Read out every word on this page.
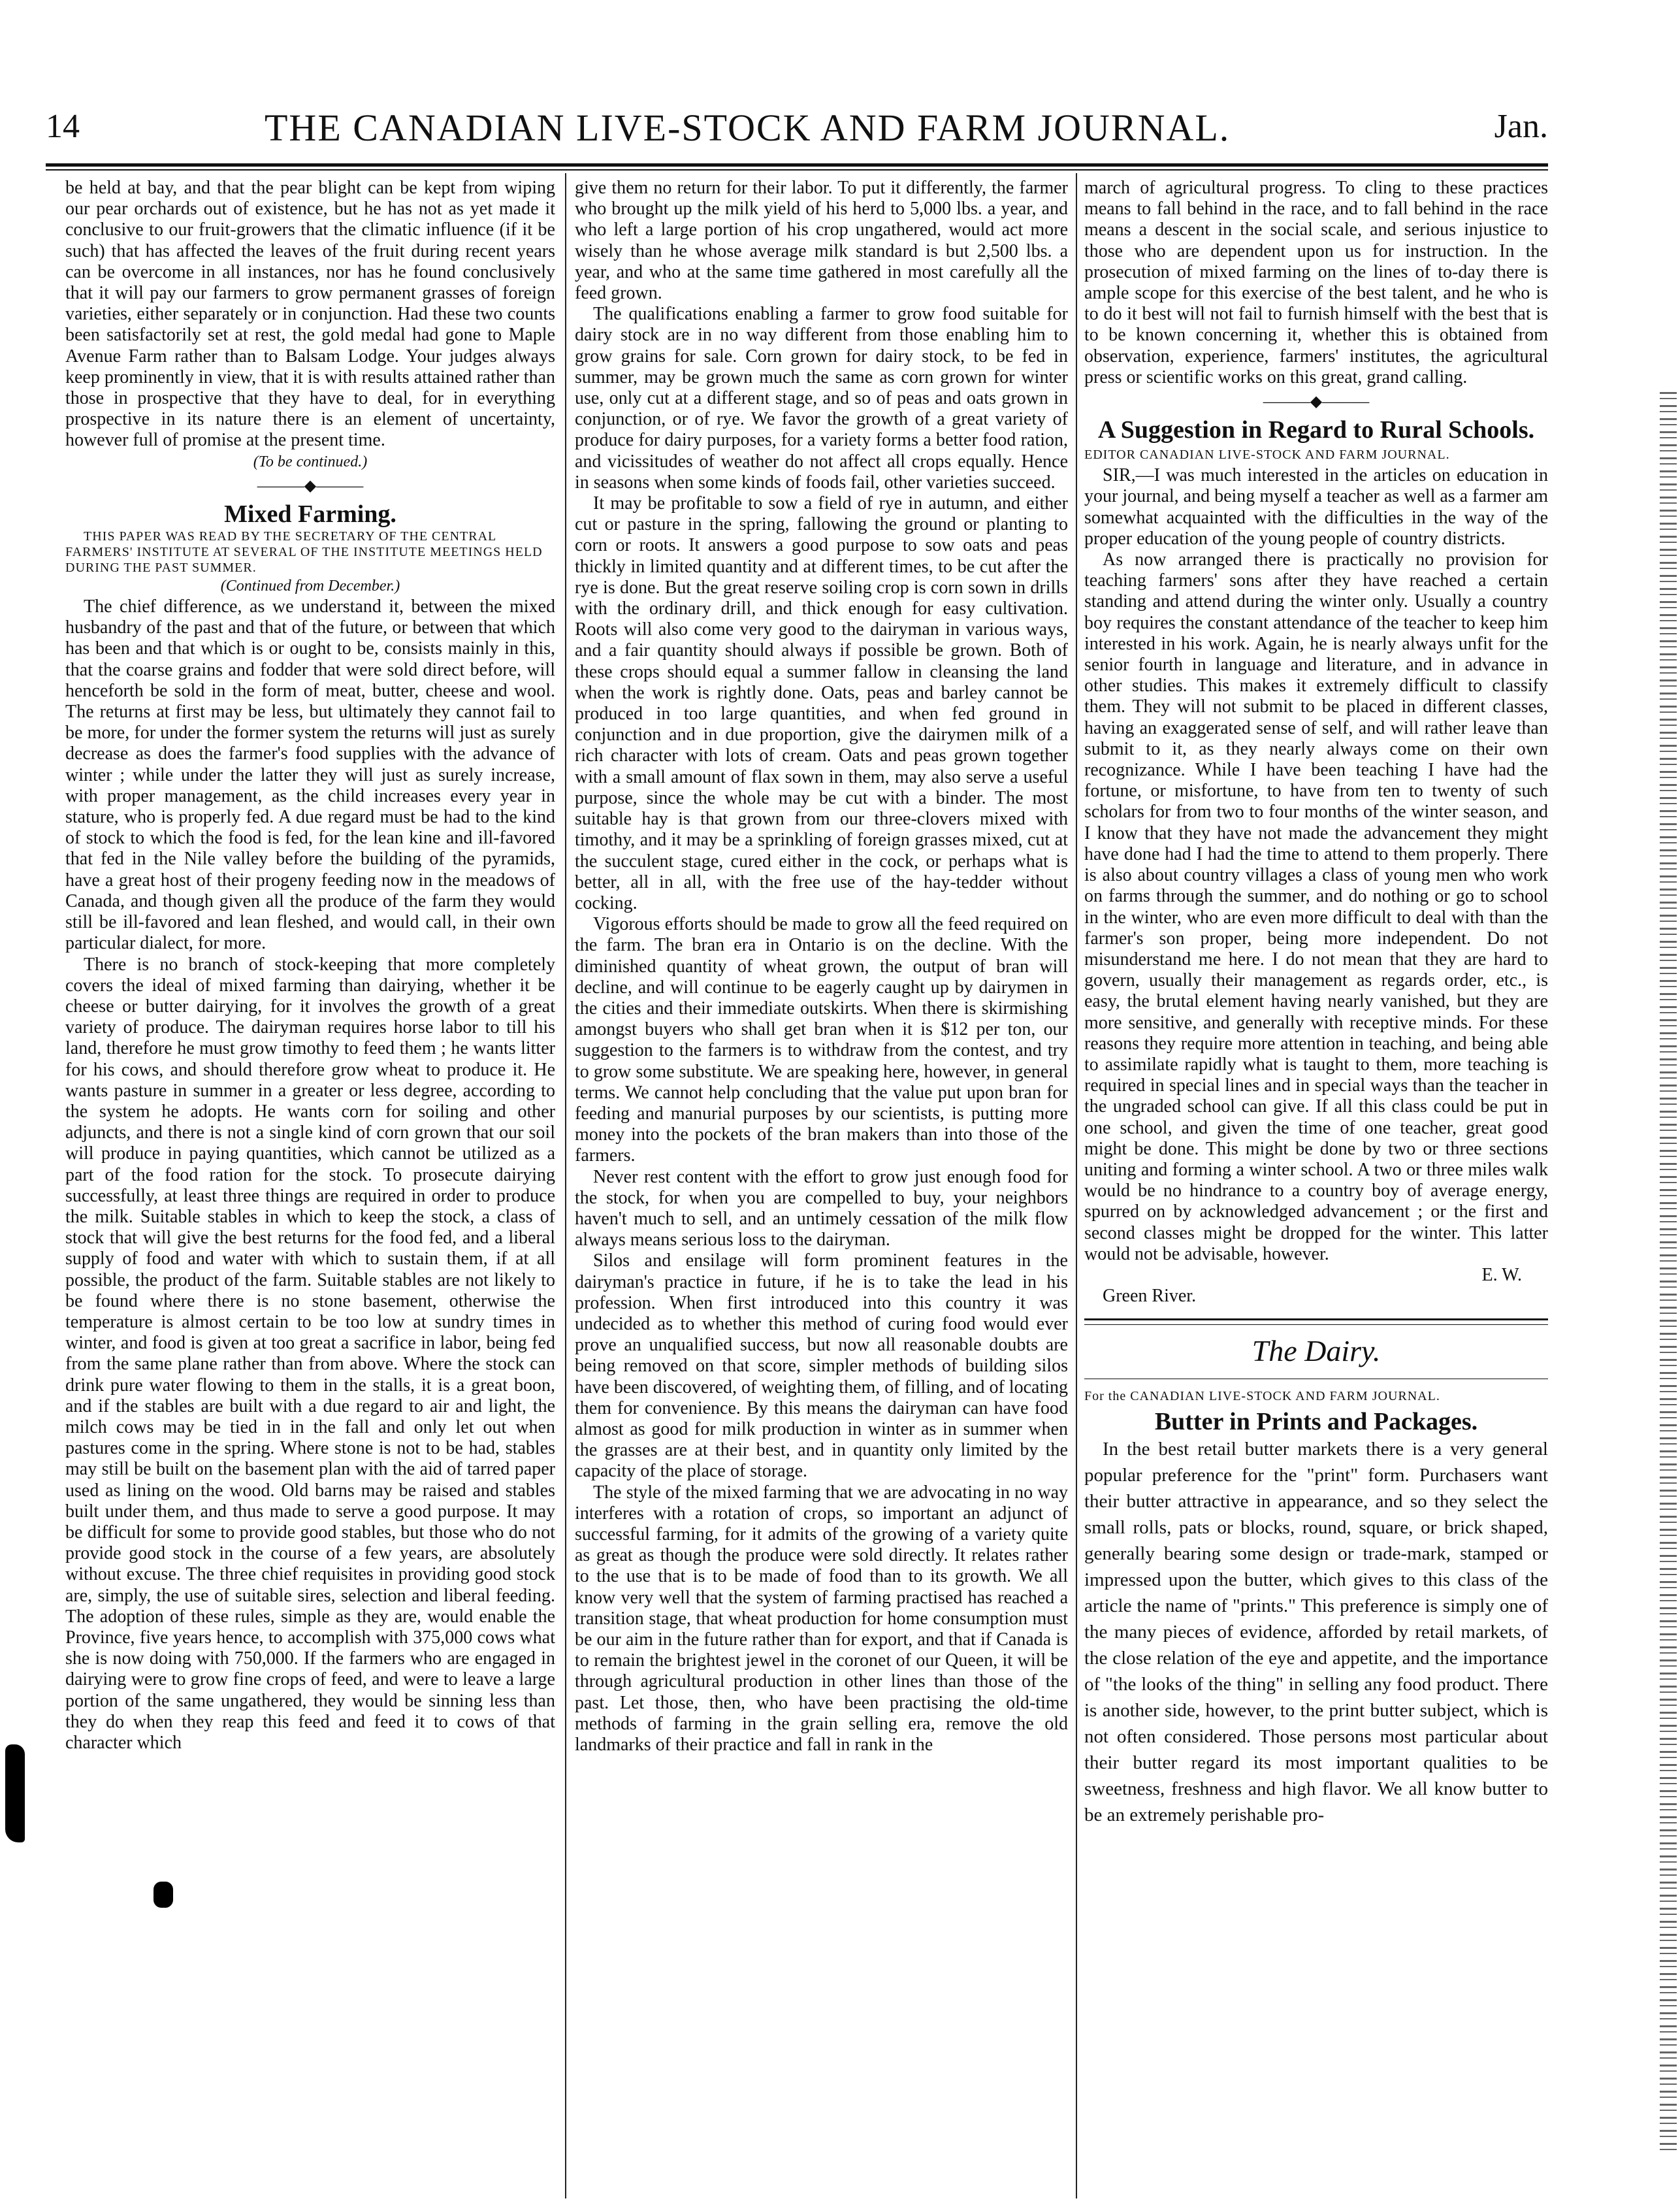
14	THE CANADIAN LIVE-STOCK AND FARM JOURNAL.	Jan.

be held at bay, and that the pear blight can be kept from wiping our pear orchards out of existence, but he has not as yet made it conclusive to our fruit-growers that the climatic influence (if it be such) that has affected the leaves of the fruit during recent years can be overcome in all instances, nor has he found conclusively that it will pay our farmers to grow permanent grasses of foreign varieties, either separately or in conjunction. Had these two counts been satisfactorily set at rest, the gold medal had gone to Maple Avenue Farm rather than to Balsam Lodge. Your judges always keep prominently in view, that it is with results attained rather than those in prospective that they have to deal, for in everything prospective in its nature there is an element of uncertainty, however full of promise at the present time.

(To be continued.)

———◆———

Mixed Farming.

THIS PAPER WAS READ BY THE SECRETARY OF THE CENTRAL FARMERS' INSTITUTE AT SEVERAL OF THE INSTITUTE MEETINGS HELD DURING THE PAST SUMMER.

(Continued from December.)

The chief difference, as we understand it, between the mixed husbandry of the past and that of the future, or between that which has been and that which is or ought to be, consists mainly in this, that the coarse grains and fodder that were sold direct before, will henceforth be sold in the form of meat, butter, cheese and wool. The returns at first may be less, but ultimately they cannot fail to be more, for under the former system the returns will just as surely decrease as does the farmer's food supplies with the advance of winter ; while under the latter they will just as surely increase, with proper management, as the child increases every year in stature, who is properly fed. A due regard must be had to the kind of stock to which the food is fed, for the lean kine and ill-favored that fed in the Nile valley before the building of the pyramids, have a great host of their progeny feeding now in the meadows of Canada, and though given all the produce of the farm they would still be ill-favored and lean fleshed, and would call, in their own particular dialect, for more.

There is no branch of stock-keeping that more completely covers the ideal of mixed farming than dairying, whether it be cheese or butter dairying, for it involves the growth of a great variety of produce. The dairyman requires horse labor to till his land, therefore he must grow timothy to feed them ; he wants litter for his cows, and should therefore grow wheat to produce it. He wants pasture in summer in a greater or less degree, according to the system he adopts. He wants corn for soiling and other adjuncts, and there is not a single kind of corn grown that our soil will produce in paying quantities, which cannot be utilized as a part of the food ration for the stock. To prosecute dairying successfully, at least three things are required in order to produce the milk. Suitable stables in which to keep the stock, a class of stock that will give the best returns for the food fed, and a liberal supply of food and water with which to sustain them, if at all possible, the product of the farm. Suitable stables are not likely to be found where there is no stone basement, otherwise the temperature is almost certain to be too low at sundry times in winter, and food is given at too great a sacrifice in labor, being fed from the same plane rather than from above. Where the stock can drink pure water flowing to them in the stalls, it is a great boon, and if the stables are built with a due regard to air and light, the milch cows may be tied in in the fall and only let out when pastures come in the spring. Where stone is not to be had, stables may still be built on the basement plan with the aid of tarred paper used as lining on the wood. Old barns may be raised and stables built under them, and thus made to serve a good purpose. It may be difficult for some to provide good stables, but those who do not provide good stock in the course of a few years, are absolutely without excuse. The three chief requisites in providing good stock are, simply, the use of suitable sires, selection and liberal feeding. The adoption of these rules, simple as they are, would enable the Province, five years hence, to accomplish with 375,000 cows what she is now doing with 750,000. If the farmers who are engaged in dairying were to grow fine crops of feed, and were to leave a large portion of the same ungathered, they would be sinning less than they do when they reap this feed and feed it to cows of that character which

give them no return for their labor. To put it differently, the farmer who brought up the milk yield of his herd to 5,000 lbs. a year, and who left a large portion of his crop ungathered, would act more wisely than he whose average milk standard is but 2,500 lbs. a year, and who at the same time gathered in most carefully all the feed grown.

The qualifications enabling a farmer to grow food suitable for dairy stock are in no way different from those enabling him to grow grains for sale. Corn grown for dairy stock, to be fed in summer, may be grown much the same as corn grown for winter use, only cut at a different stage, and so of peas and oats grown in conjunction, or of rye. We favor the growth of a great variety of produce for dairy purposes, for a variety forms a better food ration, and vicissitudes of weather do not affect all crops equally. Hence in seasons when some kinds of foods fail, other varieties succeed.

It may be profitable to sow a field of rye in autumn, and either cut or pasture in the spring, fallowing the ground or planting to corn or roots. It answers a good purpose to sow oats and peas thickly in limited quantity and at different times, to be cut after the rye is done. But the great reserve soiling crop is corn sown in drills with the ordinary drill, and thick enough for easy cultivation. Roots will also come very good to the dairyman in various ways, and a fair quantity should always if possible be grown. Both of these crops should equal a summer fallow in cleansing the land when the work is rightly done. Oats, peas and barley cannot be produced in too large quantities, and when fed ground in conjunction and in due proportion, give the dairymen milk of a rich character with lots of cream. Oats and peas grown together with a small amount of flax sown in them, may also serve a useful purpose, since the whole may be cut with a binder. The most suitable hay is that grown from our three-clovers mixed with timothy, and it may be a sprinkling of foreign grasses mixed, cut at the succulent stage, cured either in the cock, or perhaps what is better, all in all, with the free use of the hay-tedder without cocking.

Vigorous efforts should be made to grow all the feed required on the farm. The bran era in Ontario is on the decline. With the diminished quantity of wheat grown, the output of bran will decline, and will continue to be eagerly caught up by dairymen in the cities and their immediate outskirts. When there is skirmishing amongst buyers who shall get bran when it is $12 per ton, our suggestion to the farmers is to withdraw from the contest, and try to grow some substitute. We are speaking here, however, in general terms. We cannot help concluding that the value put upon bran for feeding and manurial purposes by our scientists, is putting more money into the pockets of the bran makers than into those of the farmers.

Never rest content with the effort to grow just enough food for the stock, for when you are compelled to buy, your neighbors haven't much to sell, and an untimely cessation of the milk flow always means serious loss to the dairyman.

Silos and ensilage will form prominent features in the dairyman's practice in future, if he is to take the lead in his profession. When first introduced into this country it was undecided as to whether this method of curing food would ever prove an unqualified success, but now all reasonable doubts are being removed on that score, simpler methods of building silos have been discovered, of weighting them, of filling, and of locating them for convenience. By this means the dairyman can have food almost as good for milk production in winter as in summer when the grasses are at their best, and in quantity only limited by the capacity of the place of storage.

The style of the mixed farming that we are advocating in no way interferes with a rotation of crops, so important an adjunct of successful farming, for it admits of the growing of a variety quite as great as though the produce were sold directly. It relates rather to the use that is to be made of food than to its growth. We all know very well that the system of farming practised has reached a transition stage, that wheat production for home consumption must be our aim in the future rather than for export, and that if Canada is to remain the brightest jewel in the coronet of our Queen, it will be through agricultural production in other lines than those of the past. Let those, then, who have been practising the old-time methods of farming in the grain selling era, remove the old landmarks of their practice and fall in rank in the

march of agricultural progress. To cling to these practices means to fall behind in the race, and to fall behind in the race means a descent in the social scale, and serious injustice to those who are dependent upon us for instruction. In the prosecution of mixed farming on the lines of to-day there is ample scope for this exercise of the best talent, and he who is to do it best will not fail to furnish himself with the best that is to be known concerning it, whether this is obtained from observation, experience, farmers' institutes, the agricultural press or scientific works on this great, grand calling.

———◆———

A Suggestion in Regard to Rural Schools.

EDITOR CANADIAN LIVE-STOCK AND FARM JOURNAL.

SIR,—I was much interested in the articles on education in your journal, and being myself a teacher as well as a farmer am somewhat acquainted with the difficulties in the way of the proper education of the young people of country districts.

As now arranged there is practically no provision for teaching farmers' sons after they have reached a certain standing and attend during the winter only. Usually a country boy requires the constant attendance of the teacher to keep him interested in his work. Again, he is nearly always unfit for the senior fourth in language and literature, and in advance in other studies. This makes it extremely difficult to classify them. They will not submit to be placed in different classes, having an exaggerated sense of self, and will rather leave than submit to it, as they nearly always come on their own recognizance. While I have been teaching I have had the fortune, or misfortune, to have from ten to twenty of such scholars for from two to four months of the winter season, and I know that they have not made the advancement they might have done had I had the time to attend to them properly. There is also about country villages a class of young men who work on farms through the summer, and do nothing or go to school in the winter, who are even more difficult to deal with than the farmer's son proper, being more independent. Do not misunderstand me here. I do not mean that they are hard to govern, usually their management as regards order, etc., is easy, the brutal element having nearly vanished, but they are more sensitive, and generally with receptive minds. For these reasons they require more attention in teaching, and being able to assimilate rapidly what is taught to them, more teaching is required in special lines and in special ways than the teacher in the ungraded school can give. If all this class could be put in one school, and given the time of one teacher, great good might be done. This might be done by two or three sections uniting and forming a winter school. A two or three miles walk would be no hindrance to a country boy of average energy, spurred on by acknowledged advancement ; or the first and second classes might be dropped for the winter. This latter would not be advisable, however.

E. W.

Green River.

The Dairy.

For the CANADIAN LIVE-STOCK AND FARM JOURNAL.

Butter in Prints and Packages.

In the best retail butter markets there is a very general popular preference for the "print" form. Purchasers want their butter attractive in appearance, and so they select the small rolls, pats or blocks, round, square, or brick shaped, generally bearing some design or trade-mark, stamped or impressed upon the butter, which gives to this class of the article the name of "prints." This preference is simply one of the many pieces of evidence, afforded by retail markets, of the close relation of the eye and appetite, and the importance of "the looks of the thing" in selling any food product. There is another side, however, to the print butter subject, which is not often considered. Those persons most particular about their butter regard its most important qualities to be sweetness, freshness and high flavor. We all know butter to be an extremely perishable pro-
